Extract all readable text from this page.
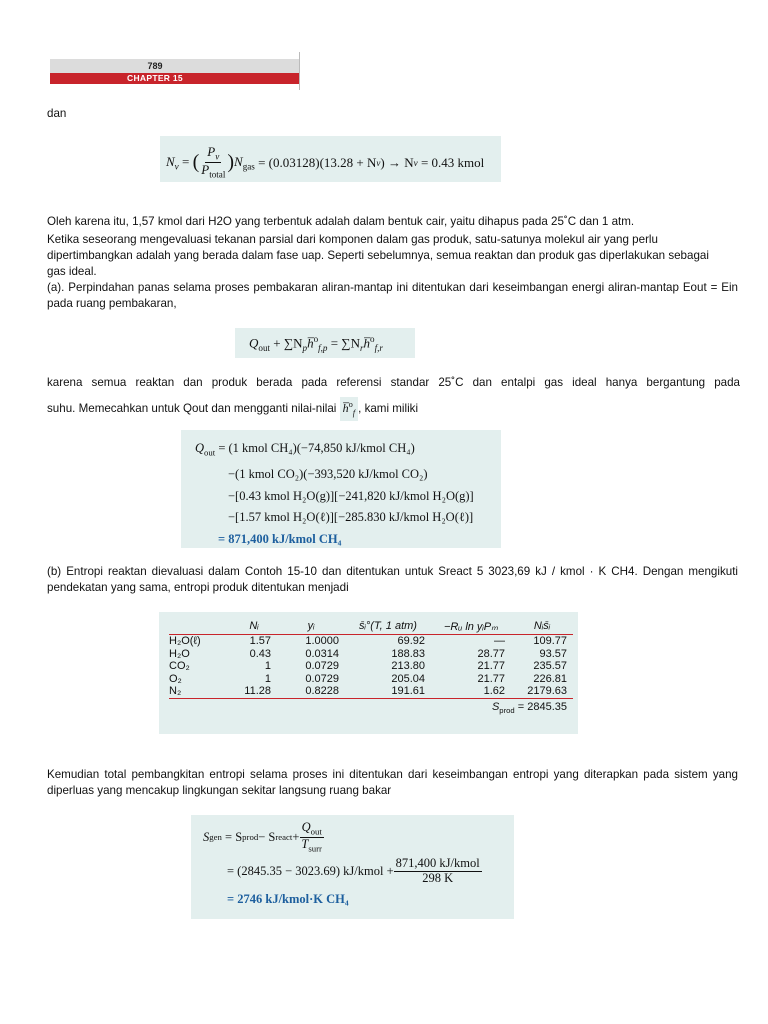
789
CHAPTER 15
dan
$N_v$ = ( $\frac{P_v}{P_{total}}$ ) $N_{gas} = (0.03128)(13.28 + N$ v ) → N v
= 0.43 kmol
Oleh karena itu, 1,57 kmol dari H2O yang terbentuk adalah dalam bentuk cair, yaitu dihapus pada 25˚C dan 1 atm.
Ketika seseorang mengevaluasi tekanan parsial dari komponen dalam gas produk, satu-satunya molekul air yang perlu dipertimbangkan adalah yang berada dalam fase uap. Seperti sebelumnya, semua reaktan dan produk gas diperlakukan sebagai gas ideal.
(a). Perpindahan panas selama proses pembakaran aliran-mantap ini ditentukan dari keseimbangan energi aliran-mantap Eout = Ein pada ruang pembakaran,
$Q_{out}$ + $\sum N_ph̅^o_{f,p}$ = $\sum N_rh̅^o_{f,r}$
karena semua reaktan dan produk berada pada referensi standar 25˚C dan entalpi gas ideal hanya bergantung pada
suhu. Memecahkan untuk Qout dan mengganti nilai-nilai h̅$^o_f$ , kami miliki
$Q_{out} = (1$ kmol CH₄)(−74,850 kJ/kmol CH₄)
−(1 kmol CO₂)(−393,520 kJ/kmol CO₂)
−[0.43 kmol H₂O(g)][−241,820 kJ/kmol H₂O(g)]
−[1.57 kmol H₂O(ℓ)][−285.830 kJ/kmol H₂O(ℓ)]
= 871,400 kJ/kmol CH₄
(b) Entropi reaktan dievaluasi dalam Contoh 15-10 dan ditentukan untuk Sreact 5 3023,69 kJ / kmol · K CH4. Dengan mengikuti pendekatan yang sama, entropi produk ditentukan menjadi
	Nᵢ	yᵢ	s̄ᵢ°(T, 1 atm)	−Rᵤ ln yᵢPₘ	Nᵢs̄ᵢ
H₂O(ℓ)	1.57	1.0000	69.92	—	109.77
H₂O	0.43	0.0314	188.83	28.77	93.57
CO₂	1	0.0729	213.80	21.77	235.57
O₂	1	0.0729	205.04	21.77	226.81
N₂	11.28	0.8228	191.61	1.62	2179.63
$S_{prod} = 2845.35$					
Kemudian total pembangkitan entropi selama proses ini ditentukan dari keseimbangan entropi yang diterapkan pada sistem yang diperluas yang mencakup lingkungan sekitar langsung ruang bakar
S gen
= S prod − S react + $\frac{Q_{out}}{T_{surr}}$
= (2845.35 − 3023.69) kJ/kmol + $\frac{\text{871,400 kJ/kmol}}{298 K}$
= 2746 kJ/kmol·K CH₄
